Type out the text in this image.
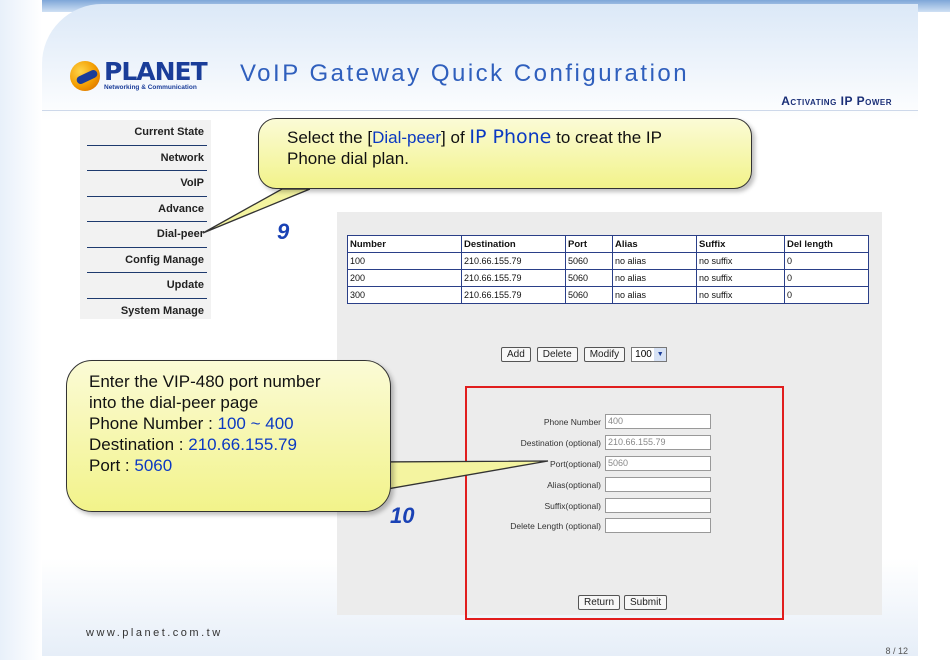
PLANET
Networking & Communication
VoIP Gateway Quick Configuration
Activating IP Power
Current State
Network
VoIP
Advance
Dial-peer
Config Manage
Update
System Manage
Number	Destination	Port	Alias	Suffix	Del length
100	210.66.155.79	5060	no alias	no suffix	0
200	210.66.155.79	5060	no alias	no suffix	0
300	210.66.155.79	5060	no alias	no suffix	0
Add	Delete	Modify	100 ▼
Phone Number 400
Destination (optional) 210.66.155.79
Port(optional) 5060
Alias(optional)
Suffix(optional)
Delete Length (optional)
Return	Submit
Select the [Dial-peer] of IP Phone to creat the IP
Phone dial plan.
9
Enter the VIP-480 port number
into the dial-peer page
Phone Number : 100 ~ 400
Destination : 210.66.155.79
Port : 5060
10
www.planet.com.tw
8 / 12
